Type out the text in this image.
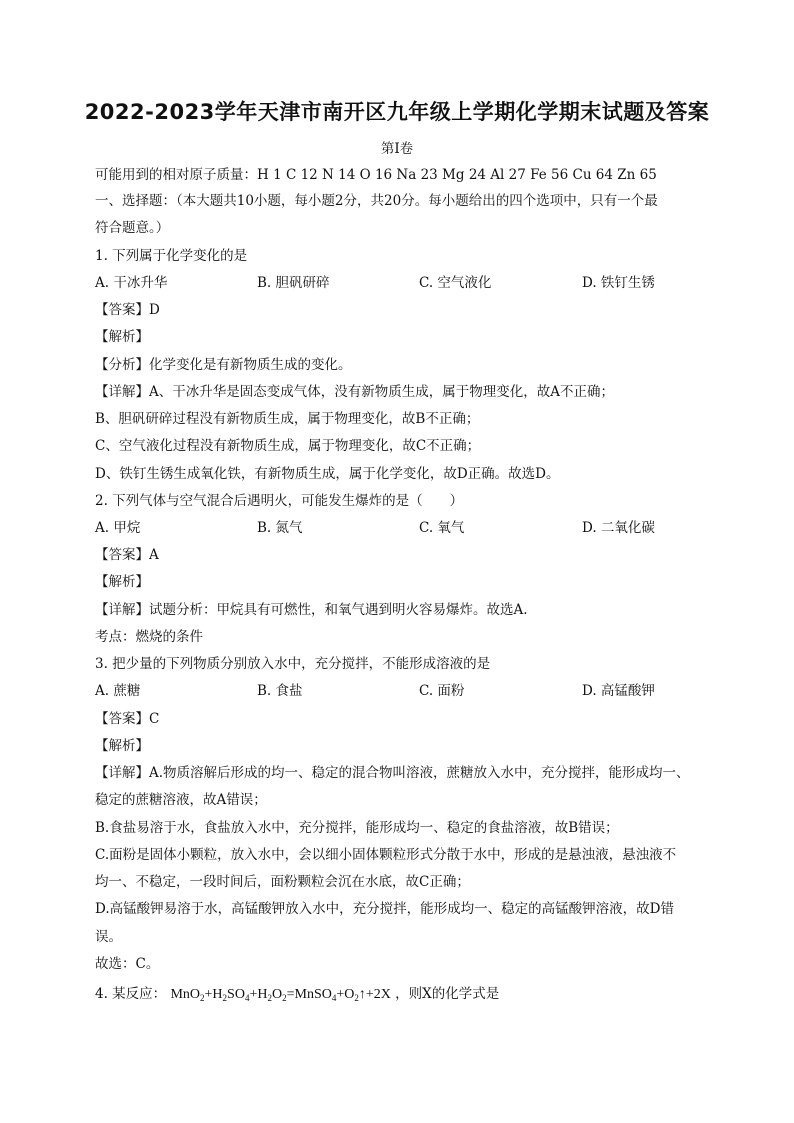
2022-2023学年天津市南开区九年级上学期化学期末试题及答案
第Ⅰ卷
可能用到的相对原子质量：H 1 C 12 N 14 O 16 Na 23 Mg 24 Al 27 Fe 56 Cu 64 Zn 65
一、选择题：（本大题共10小题，每小题2分，共20分。每小题给出的四个选项中，只有一个最
符合题意。）
1. 下列属于化学变化的是
A. 干冰升华	B. 胆矾研碎	C. 空气液化	D. 铁钉生锈
【答案】D
【解析】
【分析】化学变化是有新物质生成的变化。
【详解】A、干冰升华是固态变成气体，没有新物质生成，属于物理变化，故A不正确；
B、胆矾研碎过程没有新物质生成，属于物理变化，故B不正确；
C、空气液化过程没有新物质生成，属于物理变化，故C不正确；
D、铁钉生锈生成氧化铁，有新物质生成，属于化学变化，故D正确。故选D。
2. 下列气体与空气混合后遇明火，可能发生爆炸的是（　　）
A. 甲烷	B. 氮气	C. 氧气	D. 二氧化碳
【答案】A
【解析】
【详解】试题分析：甲烷具有可燃性，和氧气遇到明火容易爆炸。故选A.
考点：燃烧的条件
3. 把少量的下列物质分别放入水中，充分搅拌，不能形成溶液的是
A. 蔗糖	B. 食盐	C. 面粉	D. 高锰酸钾
【答案】C
【解析】
【详解】A.物质溶解后形成的均一、稳定的混合物叫溶液，蔗糖放入水中，充分搅拌，能形成均一、
稳定的蔗糖溶液，故A错误；
B.食盐易溶于水，食盐放入水中，充分搅拌，能形成均一、稳定的食盐溶液，故B错误；
C.面粉是固体小颗粒，放入水中，会以细小固体颗粒形式分散于水中，形成的是悬浊液，悬浊液不
均一、不稳定，一段时间后，面粉颗粒会沉在水底，故C正确；
D.高锰酸钾易溶于水，高锰酸钾放入水中，充分搅拌，能形成均一、稳定的高锰酸钾溶液，故D错
误。
故选：C。
4. 某反应： $MnO_2+H_2SO_4+H_2O_2=MnSO_4+O_2↑+2X$ ，则X的化学式是
